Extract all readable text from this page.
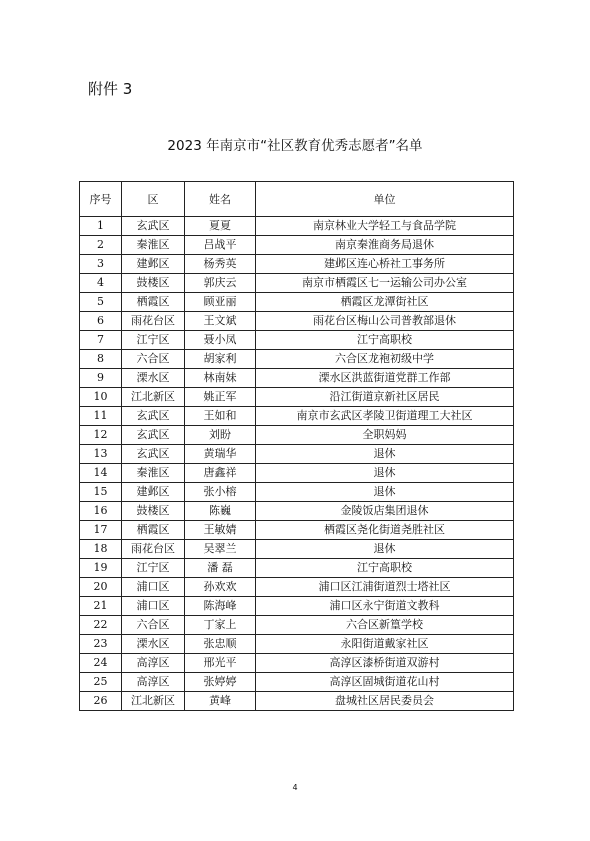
附件 3
2023 年南京市“社区教育优秀志愿者”名单
序号	区	姓名	单位
1	玄武区	夏夏	南京林业大学轻工与食品学院
2	秦淮区	吕战平	南京秦淮商务局退休
3	建邺区	杨秀英	建邺区连心桥社工事务所
4	鼓楼区	郭庆云	南京市栖霞区七一运输公司办公室
5	栖霞区	顾亚丽	栖霞区龙潭街社区
6	雨花台区	王文斌	雨花台区梅山公司普教部退休
7	江宁区	聂小凤	江宁高职校
8	六合区	胡家利	六合区龙袍初级中学
9	溧水区	林南妹	溧水区洪蓝街道党群工作部
10	江北新区	姚正军	沿江街道京新社区居民
11	玄武区	王如和	南京市玄武区孝陵卫街道理工大社区
12	玄武区	刘盼	全职妈妈
13	玄武区	黄瑞华	退休
14	秦淮区	唐鑫祥	退休
15	建邺区	张小榕	退休
16	鼓楼区	陈巍	金陵饭店集团退休
17	栖霞区	王敏婧	栖霞区尧化街道尧胜社区
18	雨花台区	吴翠兰	退休
19	江宁区	潘 磊	江宁高职校
20	浦口区	孙欢欢	浦口区江浦街道烈士塔社区
21	浦口区	陈海峰	浦口区永宁街道文教科
22	六合区	丁家上	六合区新篁学校
23	溧水区	张忠顺	永阳街道戴家社区
24	高淳区	邢光平	高淳区漆桥街道双游村
25	高淳区	张婷婷	高淳区固城街道花山村
26	江北新区	黄峰	盘城社区居民委员会
4
